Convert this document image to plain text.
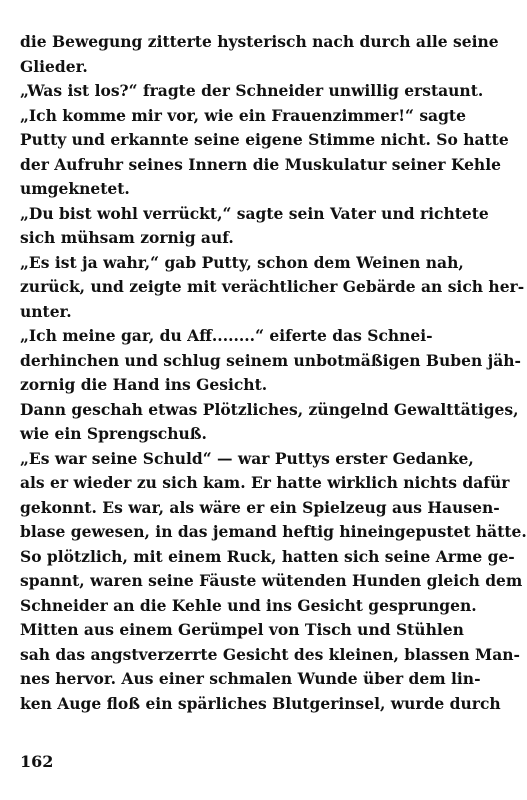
die Bewegung zitterte hysterisch nach durch alle seine
Glieder.
„Was ist los?“ fragte der Schneider unwillig erstaunt.
„Ich komme mir vor, wie ein Frauenzimmer!“ sagte
Putty und erkannte seine eigene Stimme nicht. So hatte
der Aufruhr seines Innern die Muskulatur seiner Kehle
umgeknetet.
„Du bist wohl verrückt,“ sagte sein Vater und richtete
sich mühsam zornig auf.
„Es ist ja wahr,“ gab Putty, schon dem Weinen nah,
zurück, und zeigte mit verächtlicher Gebärde an sich her-
unter.
„Ich meine gar, du Aff........“ eiferte das Schnei-
derhinchen und schlug seinem unbotmäßigen Buben jäh-
zornig die Hand ins Gesicht.
Dann geschah etwas Plötzliches, züngelnd Gewalttätiges,
wie ein Sprengschuß.
„Es war seine Schuld“ — war Puttys erster Gedanke,
als er wieder zu sich kam. Er hatte wirklich nichts dafür
gekonnt. Es war, als wäre er ein Spielzeug aus Hausen-
blase gewesen, in das jemand heftig hineingepustet hätte.
So plötzlich, mit einem Ruck, hatten sich seine Arme ge-
spannt, waren seine Fäuste wütenden Hunden gleich dem
Schneider an die Kehle und ins Gesicht gesprungen.
Mitten aus einem Gerümpel von Tisch und Stühlen
sah das angstverzerrte Gesicht des kleinen, blassen Man-
nes hervor. Aus einer schmalen Wunde über dem lin-
ken Auge floß ein spärliches Blutgerinsel, wurde durch
162
